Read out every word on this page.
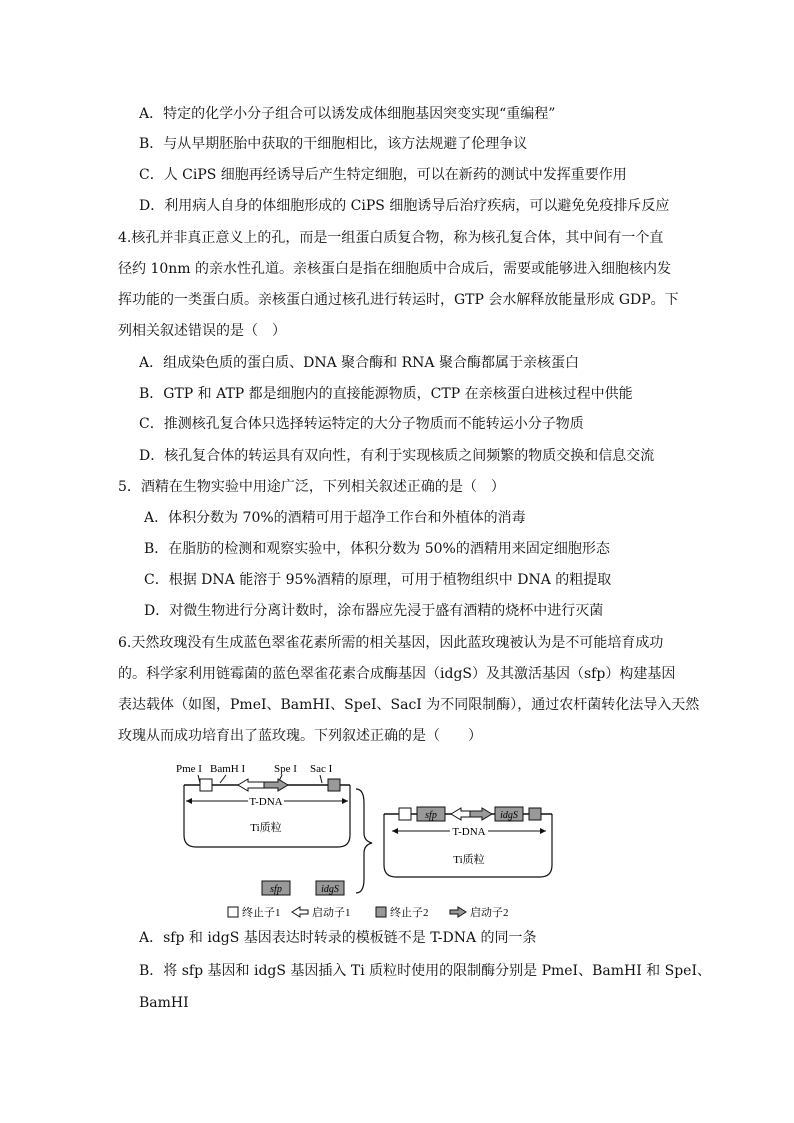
A．特定的化学小分子组合可以诱发成体细胞基因突变实现“重编程”
B．与从早期胚胎中获取的干细胞相比，该方法规避了伦理争议
C．人 CiPS 细胞再经诱导后产生特定细胞，可以在新药的测试中发挥重要作用
D．利用病人自身的体细胞形成的 CiPS 细胞诱导后治疗疾病，可以避免免疫排斥反应
4.核孔并非真正意义上的孔，而是一组蛋白质复合物，称为核孔复合体，其中间有一个直
径约 10nm 的亲水性孔道。亲核蛋白是指在细胞质中合成后，需要或能够进入细胞核内发
挥功能的一类蛋白质。亲核蛋白通过核孔进行转运时，GTP 会水解释放能量形成 GDP。下
列相关叙述错误的是（　）
A．组成染色质的蛋白质、DNA 聚合酶和 RNA 聚合酶都属于亲核蛋白
B．GTP 和 ATP 都是细胞内的直接能源物质，CTP 在亲核蛋白进核过程中供能
C．推测核孔复合体只选择转运特定的大分子物质而不能转运小分子物质
D．核孔复合体的转运具有双向性，有利于实现核质之间频繁的物质交换和信息交流
5．酒精在生物实验中用途广泛，下列相关叙述正确的是（　）
A．体积分数为 70%的酒精可用于超净工作台和外植体的消毒
B．在脂肪的检测和观察实验中，体积分数为 50%的酒精用来固定细胞形态
C．根据 DNA 能溶于 95%酒精的原理，可用于植物组织中 DNA 的粗提取
D．对微生物进行分离计数时，涂布器应先浸于盛有酒精的烧杯中进行灭菌
6.天然玫瑰没有生成蓝色翠雀花素所需的相关基因，因此蓝玫瑰被认为是不可能培育成功
的。科学家利用链霉菌的蓝色翠雀花素合成酶基因（idgS）及其激活基因（sfp）构建基因
表达载体（如图，PmeI、BamHI、SpeI、SacI 为不同限制酶），通过农杆菌转化法导入天然
玫瑰从而成功培育出了蓝玫瑰。下列叙述正确的是（　　）
Pme I BamH I	Spe I Sac I
T-DNA
Ti质粒
sfp	idgS
sfp	idgS
T-DNA
Ti质粒
终止子1	启动子1	终止子2	启动子2
A．sfp 和 idgS 基因表达时转录的模板链不是 T-DNA 的同一条
B．将 sfp 基因和 idgS 基因插入 Ti 质粒时使用的限制酶分别是 PmeI、BamHI 和 SpeI、
BamHI
